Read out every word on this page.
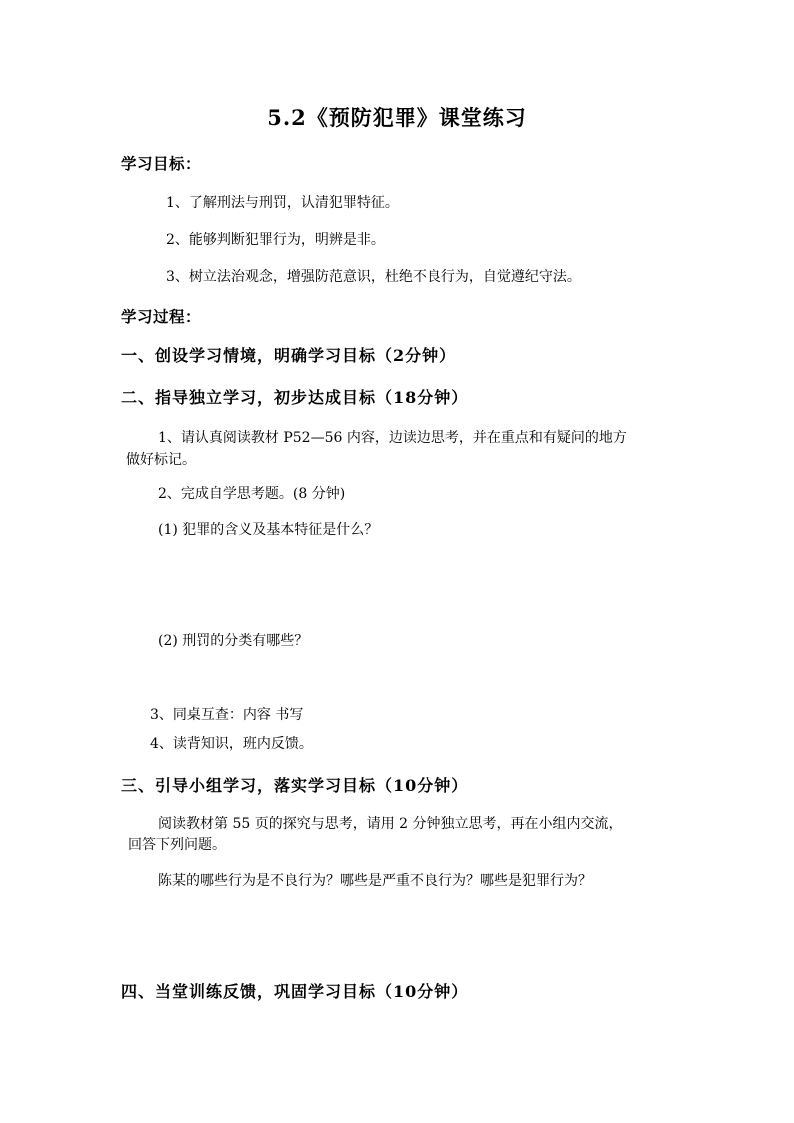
5.2《预防犯罪》课堂练习
学习目标：
1、了解刑法与刑罚，认清犯罪特征。
2、能够判断犯罪行为，明辨是非。
3、树立法治观念，增强防范意识，杜绝不良行为，自觉遵纪守法。
学习过程：
一、创设学习情境，明确学习目标（2分钟）
二、指导独立学习，初步达成目标（18分钟）
1、请认真阅读教材 P52—56 内容，边读边思考，并在重点和有疑问的地方
做好标记。
2、完成自学思考题。(8 分钟)
(1) 犯罪的含义及基本特征是什么？
(2) 刑罚的分类有哪些？
3、同桌互查：内容 书写
4、读背知识，班内反馈。
三、引导小组学习，落实学习目标（10分钟）
阅读教材第 55 页的探究与思考，请用 2 分钟独立思考，再在小组内交流，
回答下列问题。
陈某的哪些行为是不良行为？哪些是严重不良行为？哪些是犯罪行为？
四、当堂训练反馈，巩固学习目标（10分钟）
